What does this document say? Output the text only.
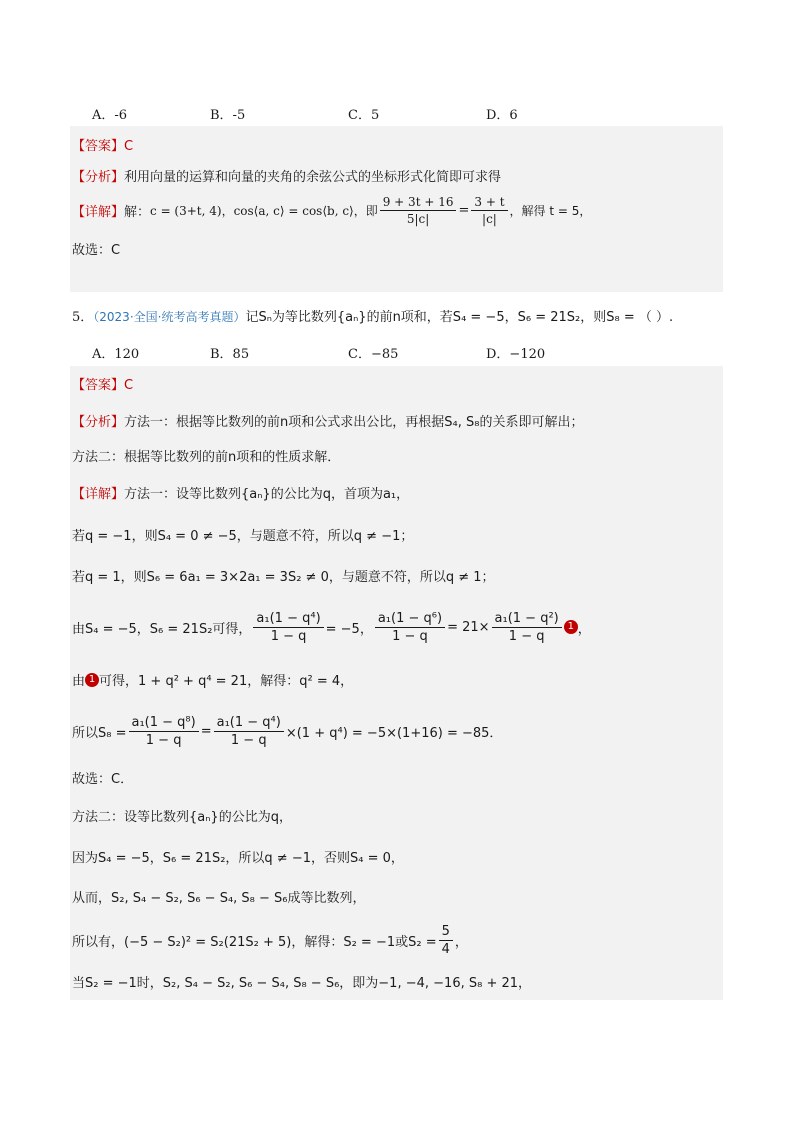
A．-6	B．-5	C．5	D．6
【答案】C
【分析】利用向量的运算和向量的夹角的余弦公式的坐标形式化简即可求得
【详解】 解： c = (3+t, 4)，cos⟨a, c⟩ = cos⟨b, c⟩，即 $\frac{9 + 3t + 16}{5|c|} = \frac{3 + t}{|c|}$ ，解得 t = 5，
故选：C
5．（2023·全国·统考高考真题）记Sₙ为等比数列{aₙ}的前n项和，若S₄ = −5，S₆ = 21S₂，则S₈ = （ ）.
A．120	B．85	C．−85	D．−120
【答案】C
【分析】方法一：根据等比数列的前n项和公式求出公比，再根据S₄, S₈的关系即可解出；
方法二：根据等比数列的前n项和的性质求解．
【详解】方法一：设等比数列{aₙ}的公比为q，首项为a₁，
若q = −1，则S₄ = 0 ≠ −5，与题意不符，所以q ≠ −1；
若q = 1，则S₆ = 6a₁ = 3×2a₁ = 3S₂ ≠ 0，与题意不符，所以q ≠ 1；
由S₄ = −5，S₆ = 21S₂可得， $\frac{\text{a₁(1 − q⁴)}}{1 - q} = -5$， $\frac{\text{a₁(1 − q⁶)}}{1 - q} = 21\times \frac{\text{a₁(1 − q²)}}{1 - q} 1$ ，
由 1 可得，1 + q² + q⁴ = 21，解得：q² = 4，
所以$S_8 = \frac{\text{a₁(1 − q⁸)}}{1 - q} = \frac{\text{a₁(1 − q⁴)}}{1 - q} \times(1 + q^4) = -5\times(1+16) = -85$．
故选：C．
方法二：设等比数列{aₙ}的公比为q，
因为S₄ = −5，S₆ = 21S₂，所以q ≠ −1，否则S₄ = 0，
从而，S₂, S₄ − S₂, S₆ − S₄, S₈ − S₆成等比数列，
所以有，(−5 − S₂)² = S₂(21S₂ + 5)，解得：S₂ = −1或$S_2 = \frac{5}{4}$ ，
当S₂ = −1时，S₂, S₄ − S₂, S₆ − S₄, S₈ − S₆，即为−1, −4, −16, S₈ + 21，
